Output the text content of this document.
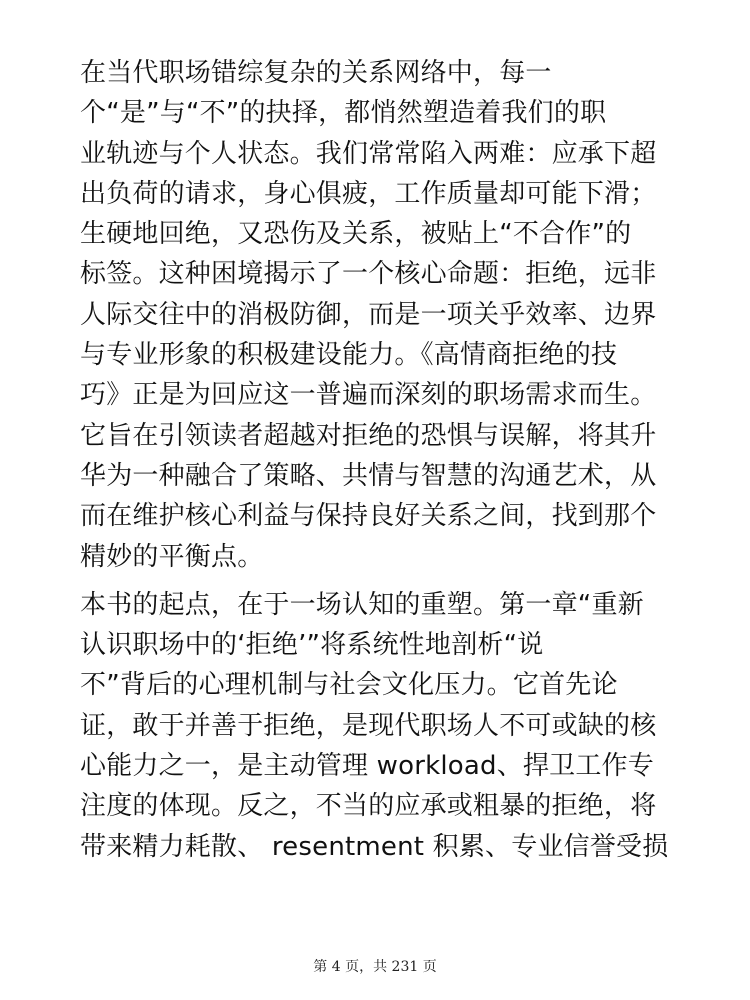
在当代职场错综复杂的关系网络中，每一
个“是”与“不”的抉择，都悄然塑造着我们的职
业轨迹与个人状态。我们常常陷入两难：应承下超
出负荷的请求，身心俱疲，工作质量却可能下滑；
生硬地回绝，又恐伤及关系，被贴上“不合作”的
标签。这种困境揭示了一个核心命题：拒绝，远非
人际交往中的消极防御，而是一项关乎效率、边界
与专业形象的积极建设能力。《高情商拒绝的技
巧》正是为回应这一普遍而深刻的职场需求而生。
它旨在引领读者超越对拒绝的恐惧与误解，将其升
华为一种融合了策略、共情与智慧的沟通艺术，从
而在维护核心利益与保持良好关系之间，找到那个
精妙的平衡点。
本书的起点，在于一场认知的重塑。第一章“重新
认识职场中的‘拒绝’”将系统性地剖析“说
不”背后的心理机制与社会文化压力。它首先论
证，敢于并善于拒绝，是现代职场人不可或缺的核
心能力之一，是主动管理 workload、捍卫工作专
注度的体现。反之，不当的应承或粗暴的拒绝，将
带来精力耗散、 resentment 积累、专业信誉受损
第 4 页，共 231 页
